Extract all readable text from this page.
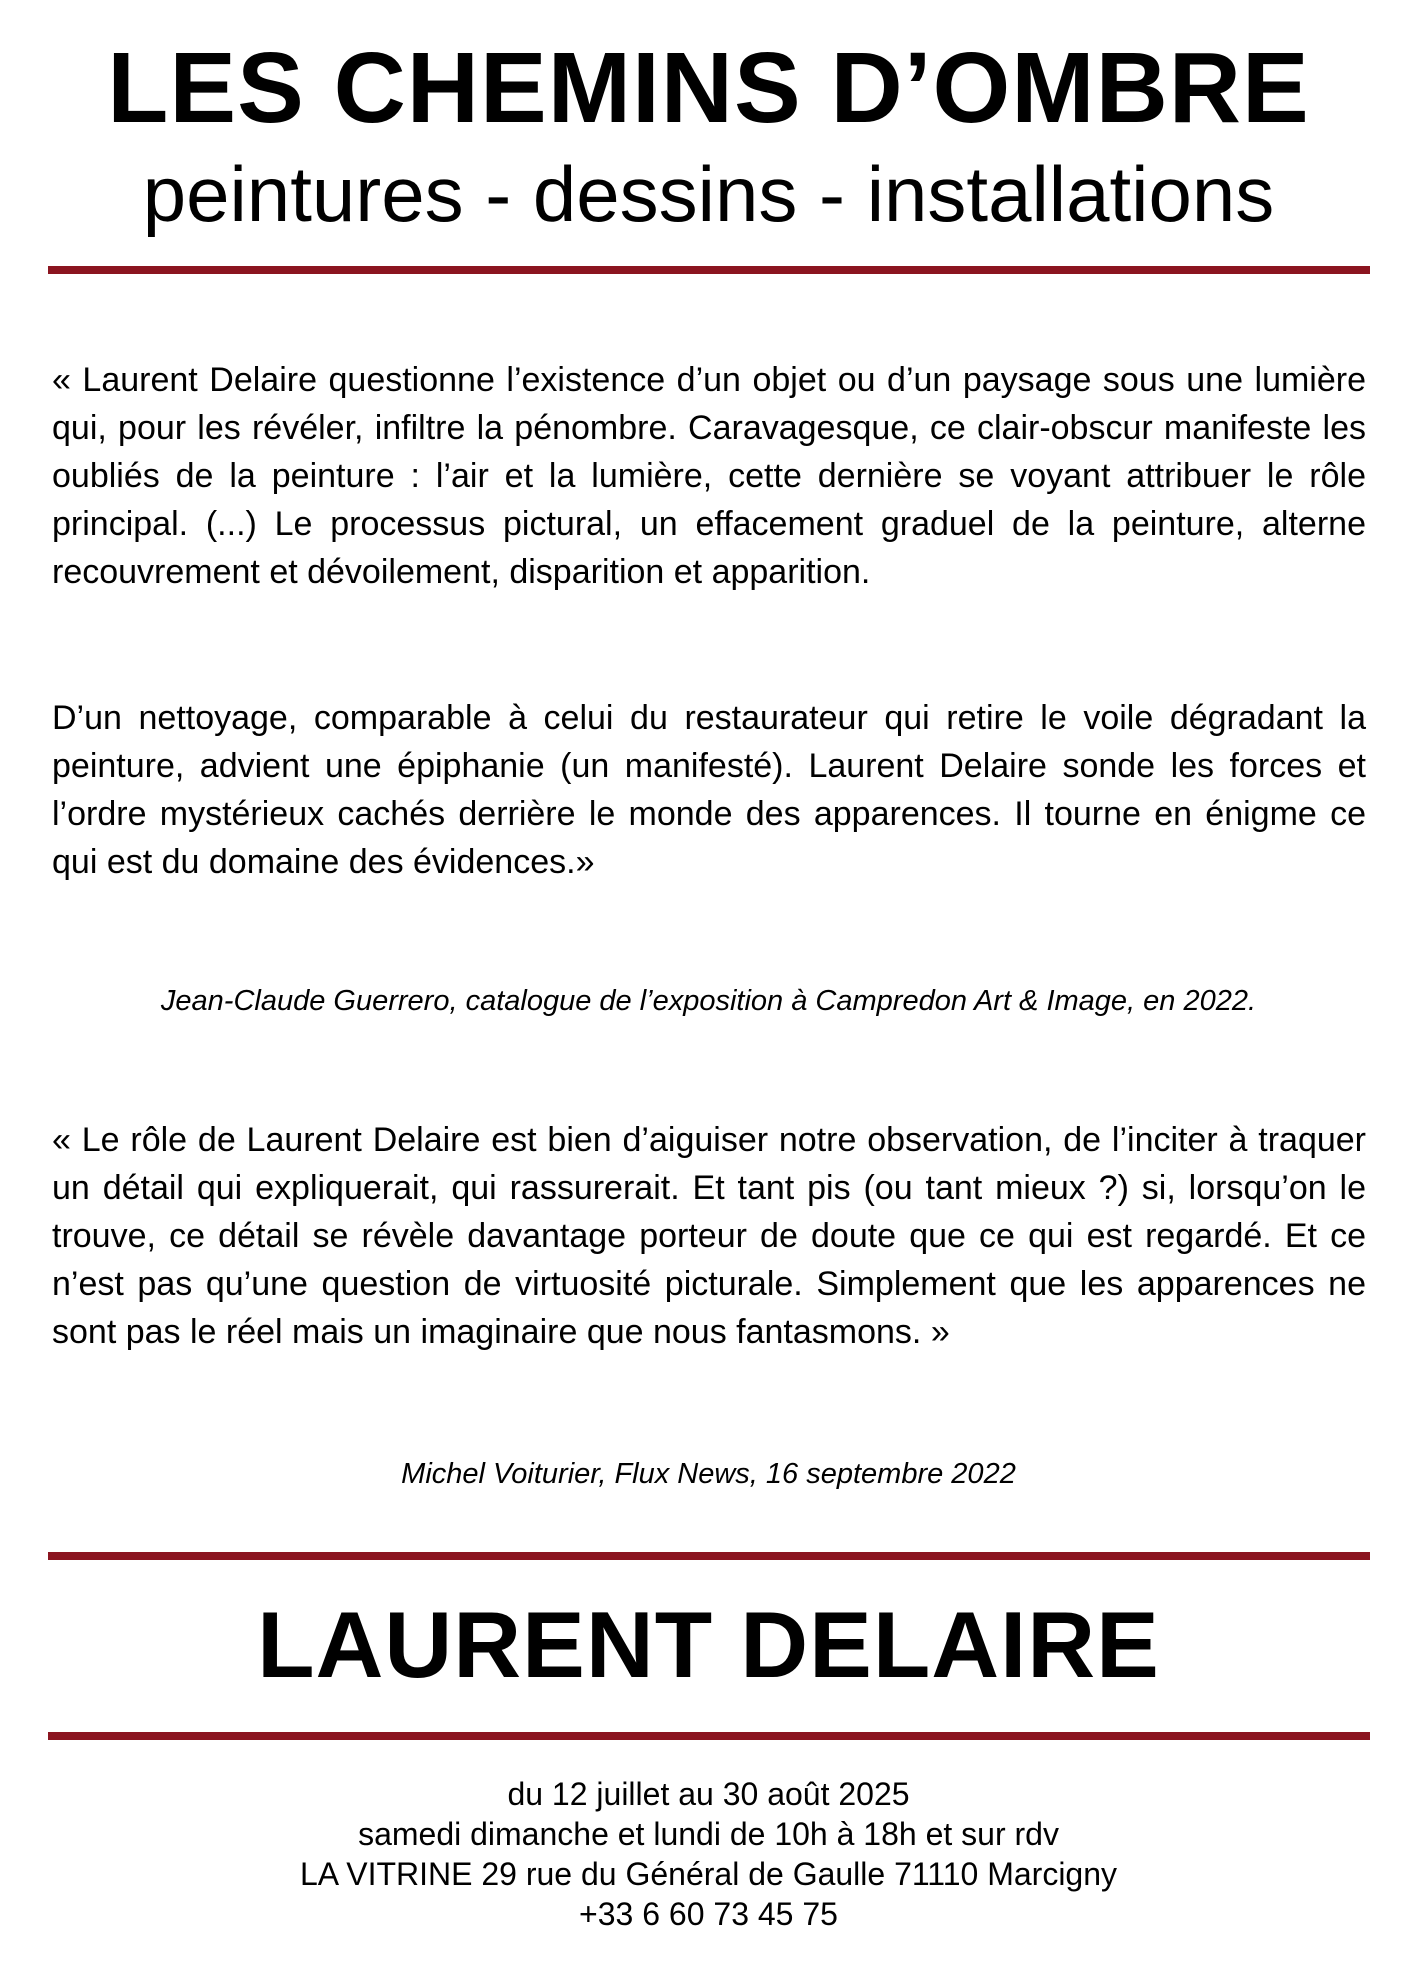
LES CHEMINS D’OMBRE
peintures - dessins - installations
« Laurent Delaire questionne l’existence d’un objet ou d’un paysage sous une lumière qui, pour les révéler, infiltre la pénombre. Caravagesque, ce clair-obscur manifeste les oubliés de la peinture : l’air et la lumière, cette dernière se voyant attribuer le rôle principal. (...) Le processus pictural, un effacement graduel de la peinture, alterne recouvrement et dévoilement, disparition et apparition.
D’un nettoyage, comparable à celui du restaurateur qui retire le voile dégradant la peinture, advient une épiphanie (un manifesté). Laurent Delaire sonde les forces et l’ordre mystérieux cachés derrière le monde des apparences. Il tourne en énigme ce qui est du domaine des évidences.»
Jean-Claude Guerrero, catalogue de l’exposition à Campredon Art & Image, en 2022.
« Le rôle de Laurent Delaire est bien d’aiguiser notre observation, de l’inciter à traquer un détail qui expliquerait, qui rassurerait. Et tant pis (ou tant mieux ?) si, lorsqu’on le trouve, ce détail se révèle davantage porteur de doute que ce qui est regardé. Et ce n’est pas qu’une question de virtuosité picturale. Simplement que les apparences ne sont pas le réel mais un imaginaire que nous fantasmons. »
Michel Voiturier, Flux News, 16 septembre 2022
LAURENT DELAIRE
du 12 juillet au 30 août 2025
samedi dimanche et lundi de 10h à 18h et sur rdv
LA VITRINE 29 rue du Général de Gaulle 71110 Marcigny
+33 6 60 73 45 75
